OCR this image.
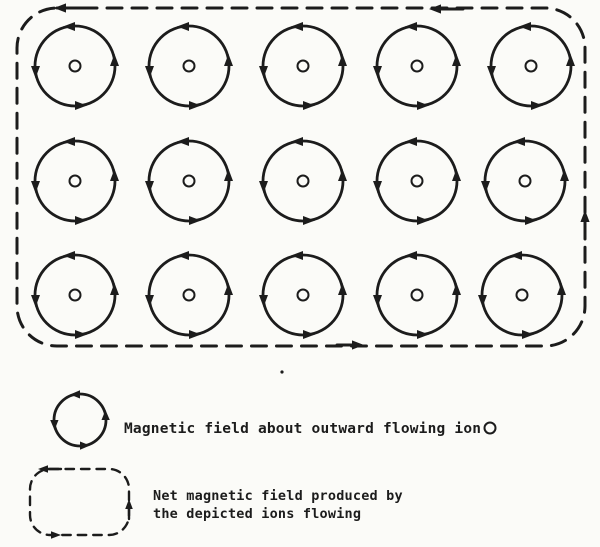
Magnetic field about outward flowing ion
Net magnetic field produced by
the depicted ions flowing
